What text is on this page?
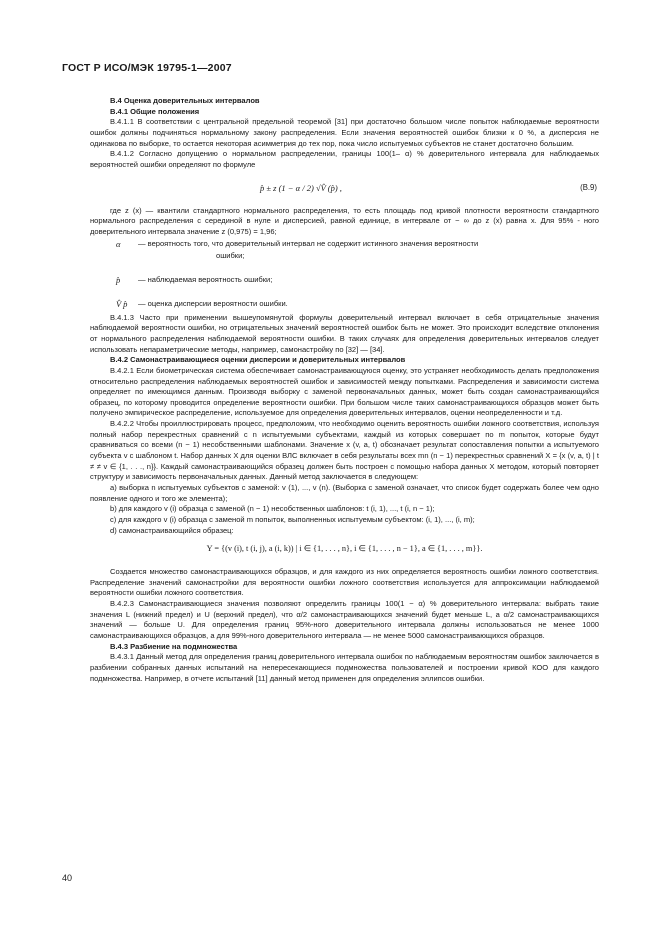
ГОСТ Р ИСО/МЭК 19795-1—2007

В.4 Оценка доверительных интервалов

В.4.1 Общие положения

В.4.1.1 В соответствии с центральной предельной теоремой [31] при достаточно большом числе попыток наблюдаемые вероятности ошибок должны подчиняться нормальному закону распределения. Если значения вероятностей ошибок близки к 0 %, а дисперсия не одинакова по выборке, то остается некоторая асимметрия до тех пор, пока число испытуемых субъектов не станет достаточно большим.

В.4.1.2 Согласно допущению о нормальном распределении, границы 100(1– α) % доверительного интервала для наблюдаемых вероятностей ошибки определяют по формуле

p̂ ± z (1 − α / 2) √V̂ (p̂) ,	(В.9)

где z (x) — квантили стандартного нормального распределения, то есть площадь под кривой плотности вероятности стандартного нормального распределения с серединой в нуле и дисперсией, равной единице, в интервале от − ∞ до z (x) равна x. Для 95% - ного доверительного интервала значение z (0,975) = 1,96;

α	— вероятность того, что доверительный интервал не содержит истинного значения вероятности
ошибки;
p̂	— наблюдаемая вероятность ошибки;
V̂ p̂	— оценка дисперсии вероятности ошибки.

В.4.1.3 Часто при применении вышеупомянутой формулы доверительный интервал включает в себя отрицательные значения наблюдаемой вероятности ошибки, но отрицательных значений вероятностей ошибок быть не может. Это происходит вследствие отклонения от нормального распределения наблюдаемой вероятности ошибки. В таких случаях для определения доверительных интервалов следует использовать непараметрические методы, например, самонастройку по [32] — [34].

В.4.2 Самонастраивающиеся оценки дисперсии и доверительных интервалов

В.4.2.1 Если биометрическая система обеспечивает самонастраивающуюся оценку, это устраняет необходимость делать предположения относительно распределения наблюдаемых вероятностей ошибок и зависимостей между попытками. Распределения и зависимости система определяет по имеющимся данным. Производя выборку с заменой первоначальных данных, может быть создан самонастраивающийся образец, по которому проводится определение вероятности ошибки. При большом числе таких самонастраивающихся образцов может быть получено эмпирическое распределение, используемое для определения доверительных интервалов, оценки неопределенности и т.д.

В.4.2.2 Чтобы проиллюстрировать процесс, предположим, что необходимо оценить вероятность ошибки ложного соответствия, используя полный набор перекрестных сравнений с n испытуемыми субъектами, каждый из которых совершает по m попыток, которые будут сравниваться со всеми (n − 1) несобственными шаблонами. Значение x (v, a, t) обозначает результат сопоставления попытки a испытуемого субъекта v с шаблоном t. Набор данных X для оценки ВЛС включает в себя результаты всех mn (n − 1) перекрестных сравнений X = {x (v, a, t) | t ≠ ≠ v ∈ {1, . . ., n}}. Каждый самонастраивающийся образец должен быть построен с помощью набора данных X методом, который повторяет структуру и зависимость первоначальных данных. Данный метод заключается в следующем:

а) выборка n испытуемых субъектов с заменой: v (1), ..., v (n). (Выборка с заменой означает, что список будет содержать более чем одно появление одного и того же элемента);

b) для каждого v (i) образца с заменой (n − 1) несобственных шаблонов: t (i, 1), ..., t (i, n − 1);

c) для каждого v (i) образца с заменой m попыток, выполненных испытуемым субъектом: (i, 1), ..., (i, m);

d) самонастраивающийся образец:

Y = {(v (i), t (i, j), a (i, k)) | i ∈ {1, . . . , n}, i ∈ {1, . . . , n − 1}, a ∈ {1, . . . , m}}.

Создается множество самонастраивающихся образцов, и для каждого из них определяется вероятность ошибки ложного соответствия. Распределение значений самонастройки для вероятности ошибки ложного соответствия используется для аппроксимации наблюдаемой вероятности ошибки ложного соответствия.

В.4.2.3 Самонастраивающиеся значения позволяют определить границы 100(1 − α) % доверительного интервала: выбрать такие значения L (нижний предел) и U (верхний предел), что α/2 самонастраивающихся значений будет меньше L, а α/2 самонастраивающихся значений — больше U. Для определения границ 95%-ного доверительного интервала должны использоваться не менее 1000 самонастраивающихся образцов, а для 99%-ного доверительного интервала — не менее 5000 самонастраивающихся образцов.

В.4.3 Разбиение на подмножества

В.4.3.1 Данный метод для определения границ доверительного интервала ошибок по наблюдаемым вероятностям ошибок заключается в разбиении собранных данных испытаний на непересекающиеся подмножества пользователей и построении кривой КОО для каждого подмножества. Например, в отчете испытаний [11] данный метод применен для определения эллипсов ошибки.

40
